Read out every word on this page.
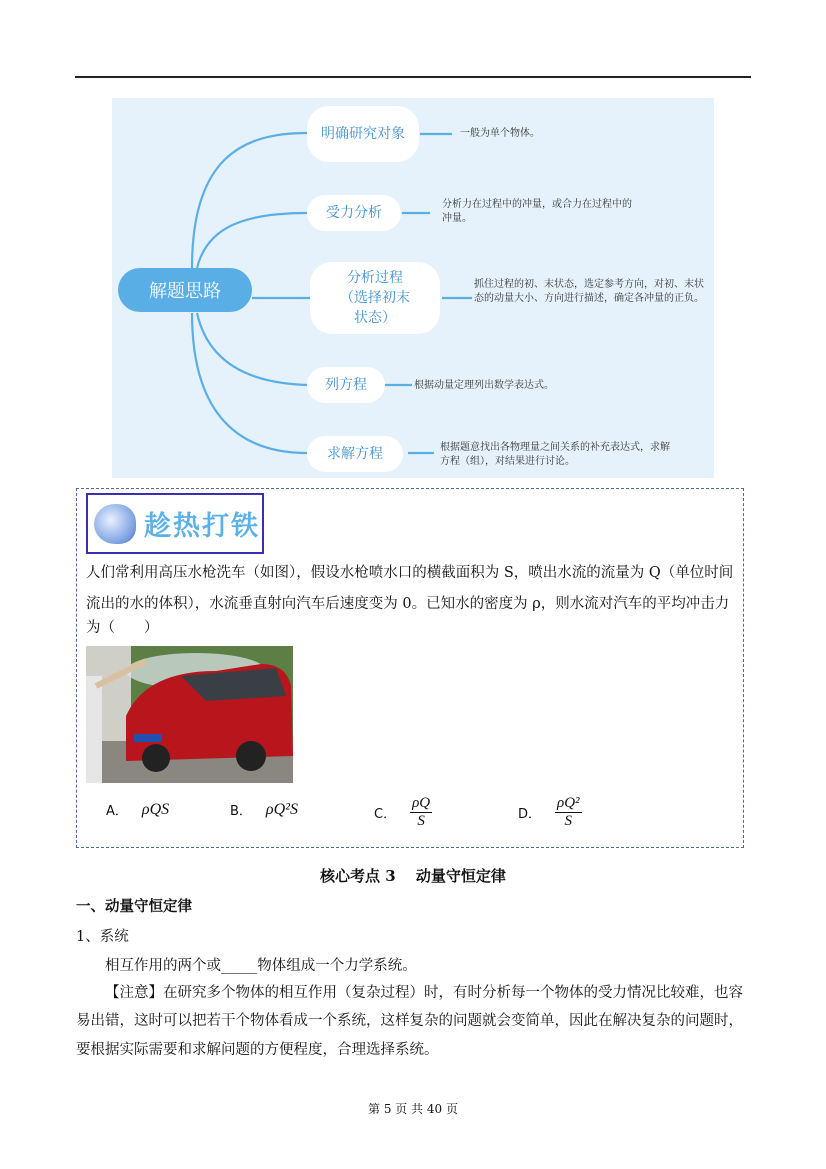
解题思路
明确研究对象	一般为单个物体。
受力分析
分析力在过程中的冲量，或合力在过程中的冲量。
分析过程（选择初末状态）
抓住过程的初、末状态，选定参考方向，对初、末状态的动量大小、方向进行描述，确定各冲量的正负。
列方程	根据动量定理列出数学表达式。
求解方程	根据题意找出各物理量之间关系的补充表达式，求解方程（组），对结果进行讨论。
趁热打铁
人们常利用高压水枪洗车（如图），假设水枪喷水口的横截面积为 S，喷出水流的流量为 Q（单位时间
流出的水的体积），水流垂直射向汽车后速度变为 0。已知水的密度为 ρ，则水流对汽车的平均冲击力
为（　　）
A． ρQS	B． ρQ²S	C． $\frac{\rho Q}{S}$	D． $\frac{\text{ρQ²}}{S}$
核心考点 3　 动量守恒定律
一、动量守恒定律
1、系统
相互作用的两个或_____物体组成一个力学系统。
【注意】在研究多个物体的相互作用（复杂过程）时，有时分析每一个物体的受力情况比较难，也容
易出错，这时可以把若干个物体看成一个系统，这样复杂的问题就会变简单，因此在解决复杂的问题时，
要根据实际需要和求解问题的方便程度，合理选择系统。
第 5 页 共 40 页
